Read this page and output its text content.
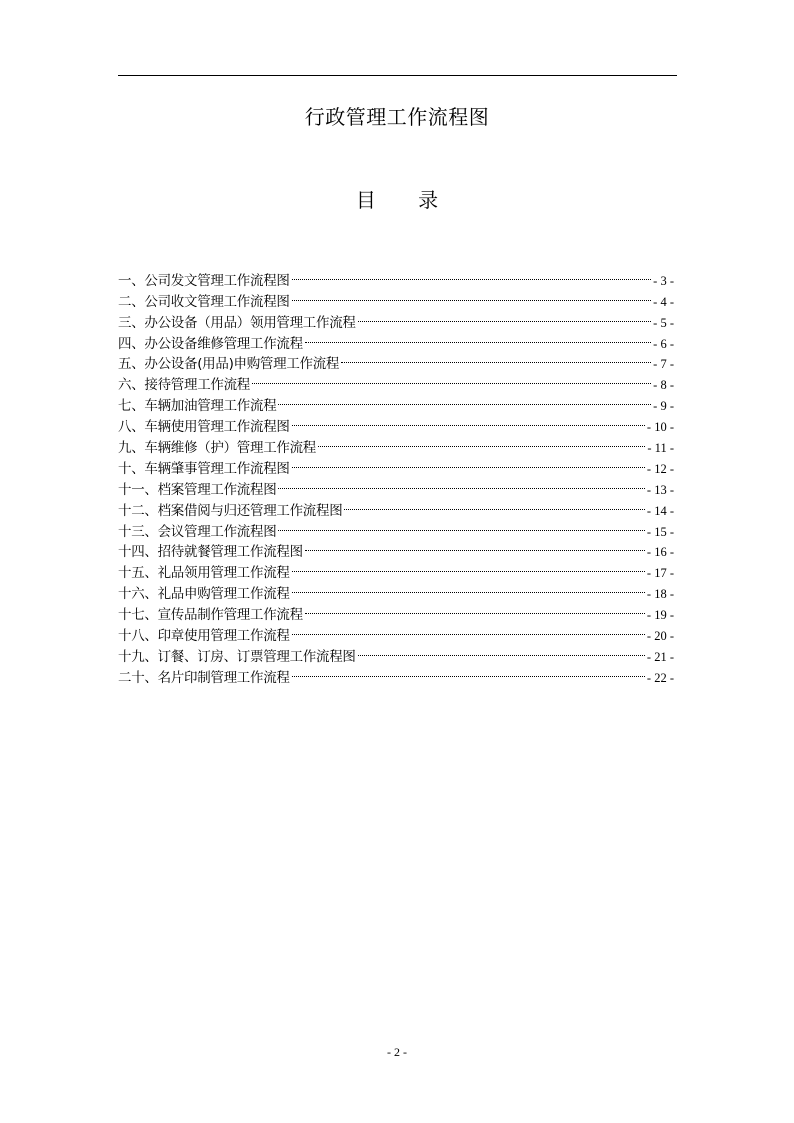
行政管理工作流程图
目 录
一、公司发文管理工作流程图	- 3 -
二、公司收文管理工作流程图	- 4 -
三、办公设备（用品）领用管理工作流程	- 5 -
四、办公设备维修管理工作流程	- 6 -
五、办公设备(用品)申购管理工作流程	- 7 -
六、接待管理工作流程	- 8 -
七、车辆加油管理工作流程	- 9 -
八、车辆使用管理工作流程图	- 10 -
九、车辆维修（护）管理工作流程	- 11 -
十、车辆肇事管理工作流程图	- 12 -
十一、档案管理工作流程图	- 13 -
十二、档案借阅与归还管理工作流程图	- 14 -
十三、会议管理工作流程图	- 15 -
十四、招待就餐管理工作流程图	- 16 -
十五、礼品领用管理工作流程	- 17 -
十六、礼品申购管理工作流程	- 18 -
十七、宣传品制作管理工作流程	- 19 -
十八、印章使用管理工作流程	- 20 -
十九、订餐、订房、订票管理工作流程图	- 21 -
二十、名片印制管理工作流程	- 22 -
- 2 -
